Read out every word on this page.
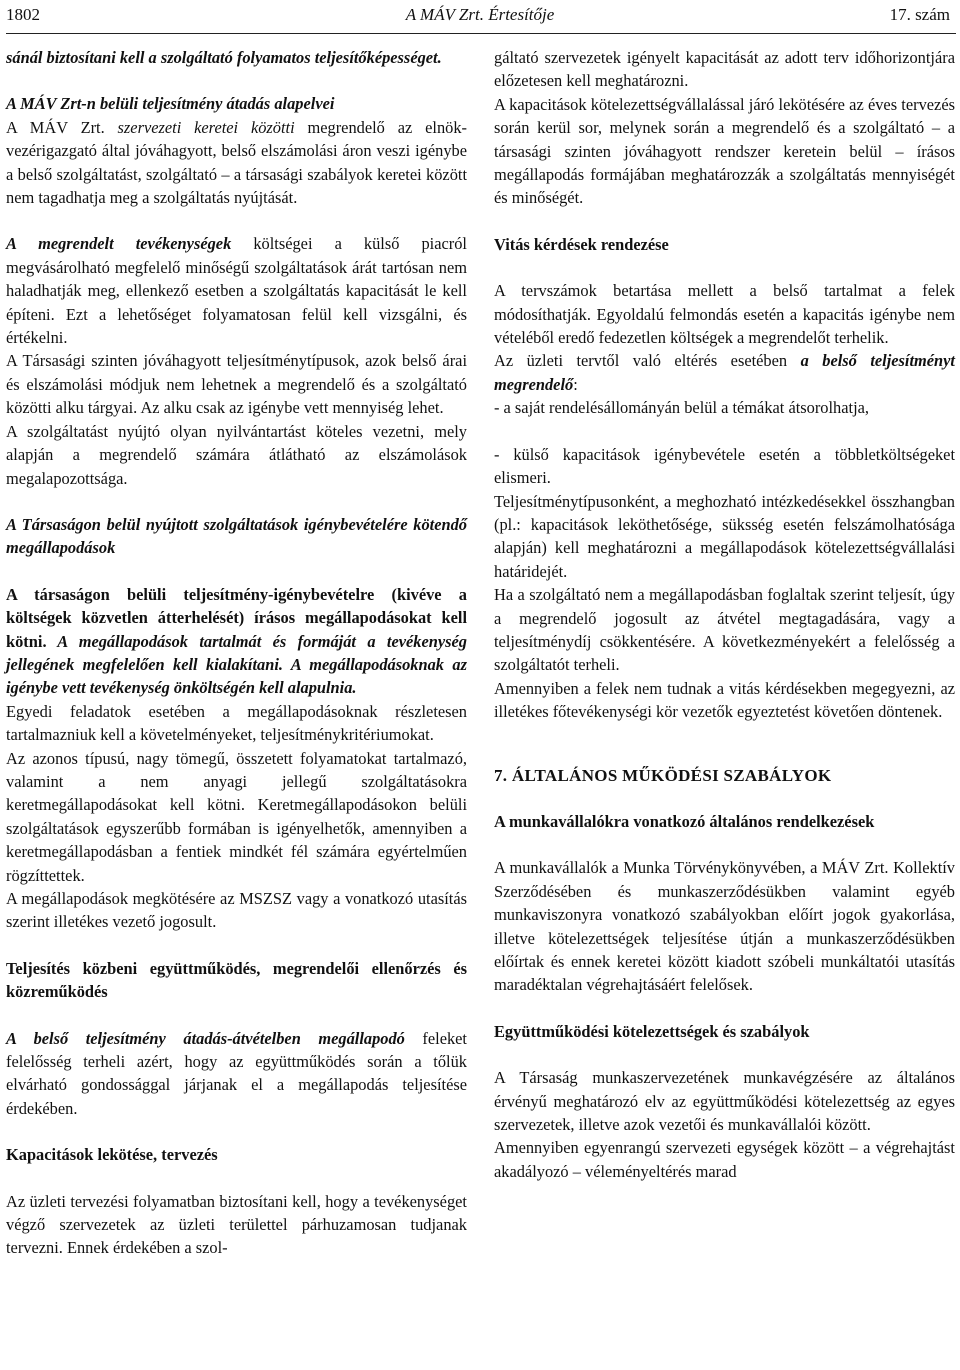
1802	A MÁV Zrt. Értesítője	17. szám

sánál biztosítani kell a szolgáltató folyamatos teljesítőképességet.

A MÁV Zrt-n belüli teljesítmény átadás alapelvei
A MÁV Zrt. szervezeti keretei közötti megrendelő az elnök-vezérigazgató által jóváhagyott, belső elszámolási áron veszi igénybe a belső szolgáltatást, szolgáltató – a társasági szabályok keretei között nem tagadhatja meg a szolgáltatás nyújtását.

A megrendelt tevékenységek költségei a külső piacról megvásárolható megfelelő minőségű szolgáltatások árát tartósan nem haladhatják meg, ellenkező esetben a szolgáltatás kapacitását le kell építeni. Ezt a lehetőséget folyamatosan felül kell vizsgálni, és értékelni.

A Társasági szinten jóváhagyott teljesítménytípusok, azok belső árai és elszámolási módjuk nem lehetnek a megrendelő és a szolgáltató közötti alku tárgyai. Az alku csak az igénybe vett mennyiség lehet.

A szolgáltatást nyújtó olyan nyilvántartást köteles vezetni, mely alapján a megrendelő számára átlátható az elszámolások megalapozottsága.

A Társaságon belül nyújtott szolgáltatások igénybevételére kötendő megállapodások

A társaságon belüli teljesítmény-igénybevételre (kivéve a költségek közvetlen átterhelését) írásos megállapodásokat kell kötni. A megállapodások tartalmát és formáját a tevékenység jellegének megfelelően kell kialakítani. A megállapodásoknak az igénybe vett tevékenység önköltségén kell alapulnia.

Egyedi feladatok esetében a megállapodásoknak részletesen tartalmazniuk kell a követelményeket, teljesítménykritériumokat.

Az azonos típusú, nagy tömegű, összetett folyamatokat tartalmazó, valamint a nem anyagi jellegű szolgáltatásokra keretmegállapodásokat kell kötni. Keretmegállapodásokon belüli szolgáltatások egyszerűbb formában is igényelhetők, amennyiben a keretmegállapodásban a fentiek mindkét fél számára egyértelműen rögzíttettek.

A megállapodások megkötésére az MSZSZ vagy a vonatkozó utasítás szerint illetékes vezető jogosult.

Teljesítés közbeni együttműködés, megrendelői ellenőrzés és közreműködés

A belső teljesítmény átadás-átvételben megállapodó feleket felelősség terheli azért, hogy az együttműködés során a tőlük elvárható gondossággal járjanak el a megállapodás teljesítése érdekében.

Kapacitások lekötése, tervezés

Az üzleti tervezési folyamatban biztosítani kell, hogy a tevékenységet végző szervezetek az üzleti területtel párhuzamosan tudjanak tervezni. Ennek érdekében a szol-

gáltató szervezetek igényelt kapacitását az adott terv időhorizontjára előzetesen kell meghatározni.

A kapacitások kötelezettségvállalással járó lekötésére az éves tervezés során kerül sor, melynek során a megrendelő és a szolgáltató – a társasági szinten jóváhagyott rendszer keretein belül – írásos megállapodás formájában meghatározzák a szolgáltatás mennyiségét és minőségét.

Vitás kérdések rendezése

A tervszámok betartása mellett a belső tartalmat a felek módosíthatják. Egyoldalú felmondás esetén a kapacitás igénybe nem vételéből eredő fedezetlen költségek a megrendelőt terhelik.

Az üzleti tervtől való eltérés esetében a belső teljesítményt megrendelő:

- a saját rendelésállományán belül a témákat átsorolhatja,

- külső kapacitások igénybevétele esetén a többletköltségeket elismeri.

Teljesítménytípusonként, a meghozható intézkedésekkel összhangban (pl.: kapacitások leköthetősége, süksség esetén felszámolhatósága alapján) kell meghatározni a megállapodások kötelezettségvállalási határidejét.

Ha a szolgáltató nem a megállapodásban foglaltak szerint teljesít, úgy a megrendelő jogosult az átvétel megtagadására, vagy a teljesítménydíj csökkentésére. A következményekért a felelősség a szolgáltatót terheli.

Amennyiben a felek nem tudnak a vitás kérdésekben megegyezni, az illetékes főtevékenységi kör vezetők egyeztetést követően döntenek.

7. ÁLTALÁNOS MŰKÖDÉSI SZABÁLYOK

A munkavállalókra vonatkozó általános rendelkezések

A munkavállalók a Munka Törvénykönyvében, a MÁV Zrt. Kollektív Szerződésében és munkaszerződésükben valamint egyéb munkaviszonyra vonatkozó szabályokban előírt jogok gyakorlása, illetve kötelezettségek teljesítése útján a munkaszerződésükben előírtak és ennek keretei között kiadott szóbeli munkáltatói utasítás maradéktalan végrehajtásáért felelősek.

Együttműködési kötelezettségek és szabályok

A Társaság munkaszervezetének munkavégzésére az általános érvényű meghatározó elv az együttműködési kötelezettség az egyes szervezetek, illetve azok vezetői és munkavállalói között.

Amennyiben egyenrangú szervezeti egységek között – a végrehajtást akadályozó – véleményeltérés marad
